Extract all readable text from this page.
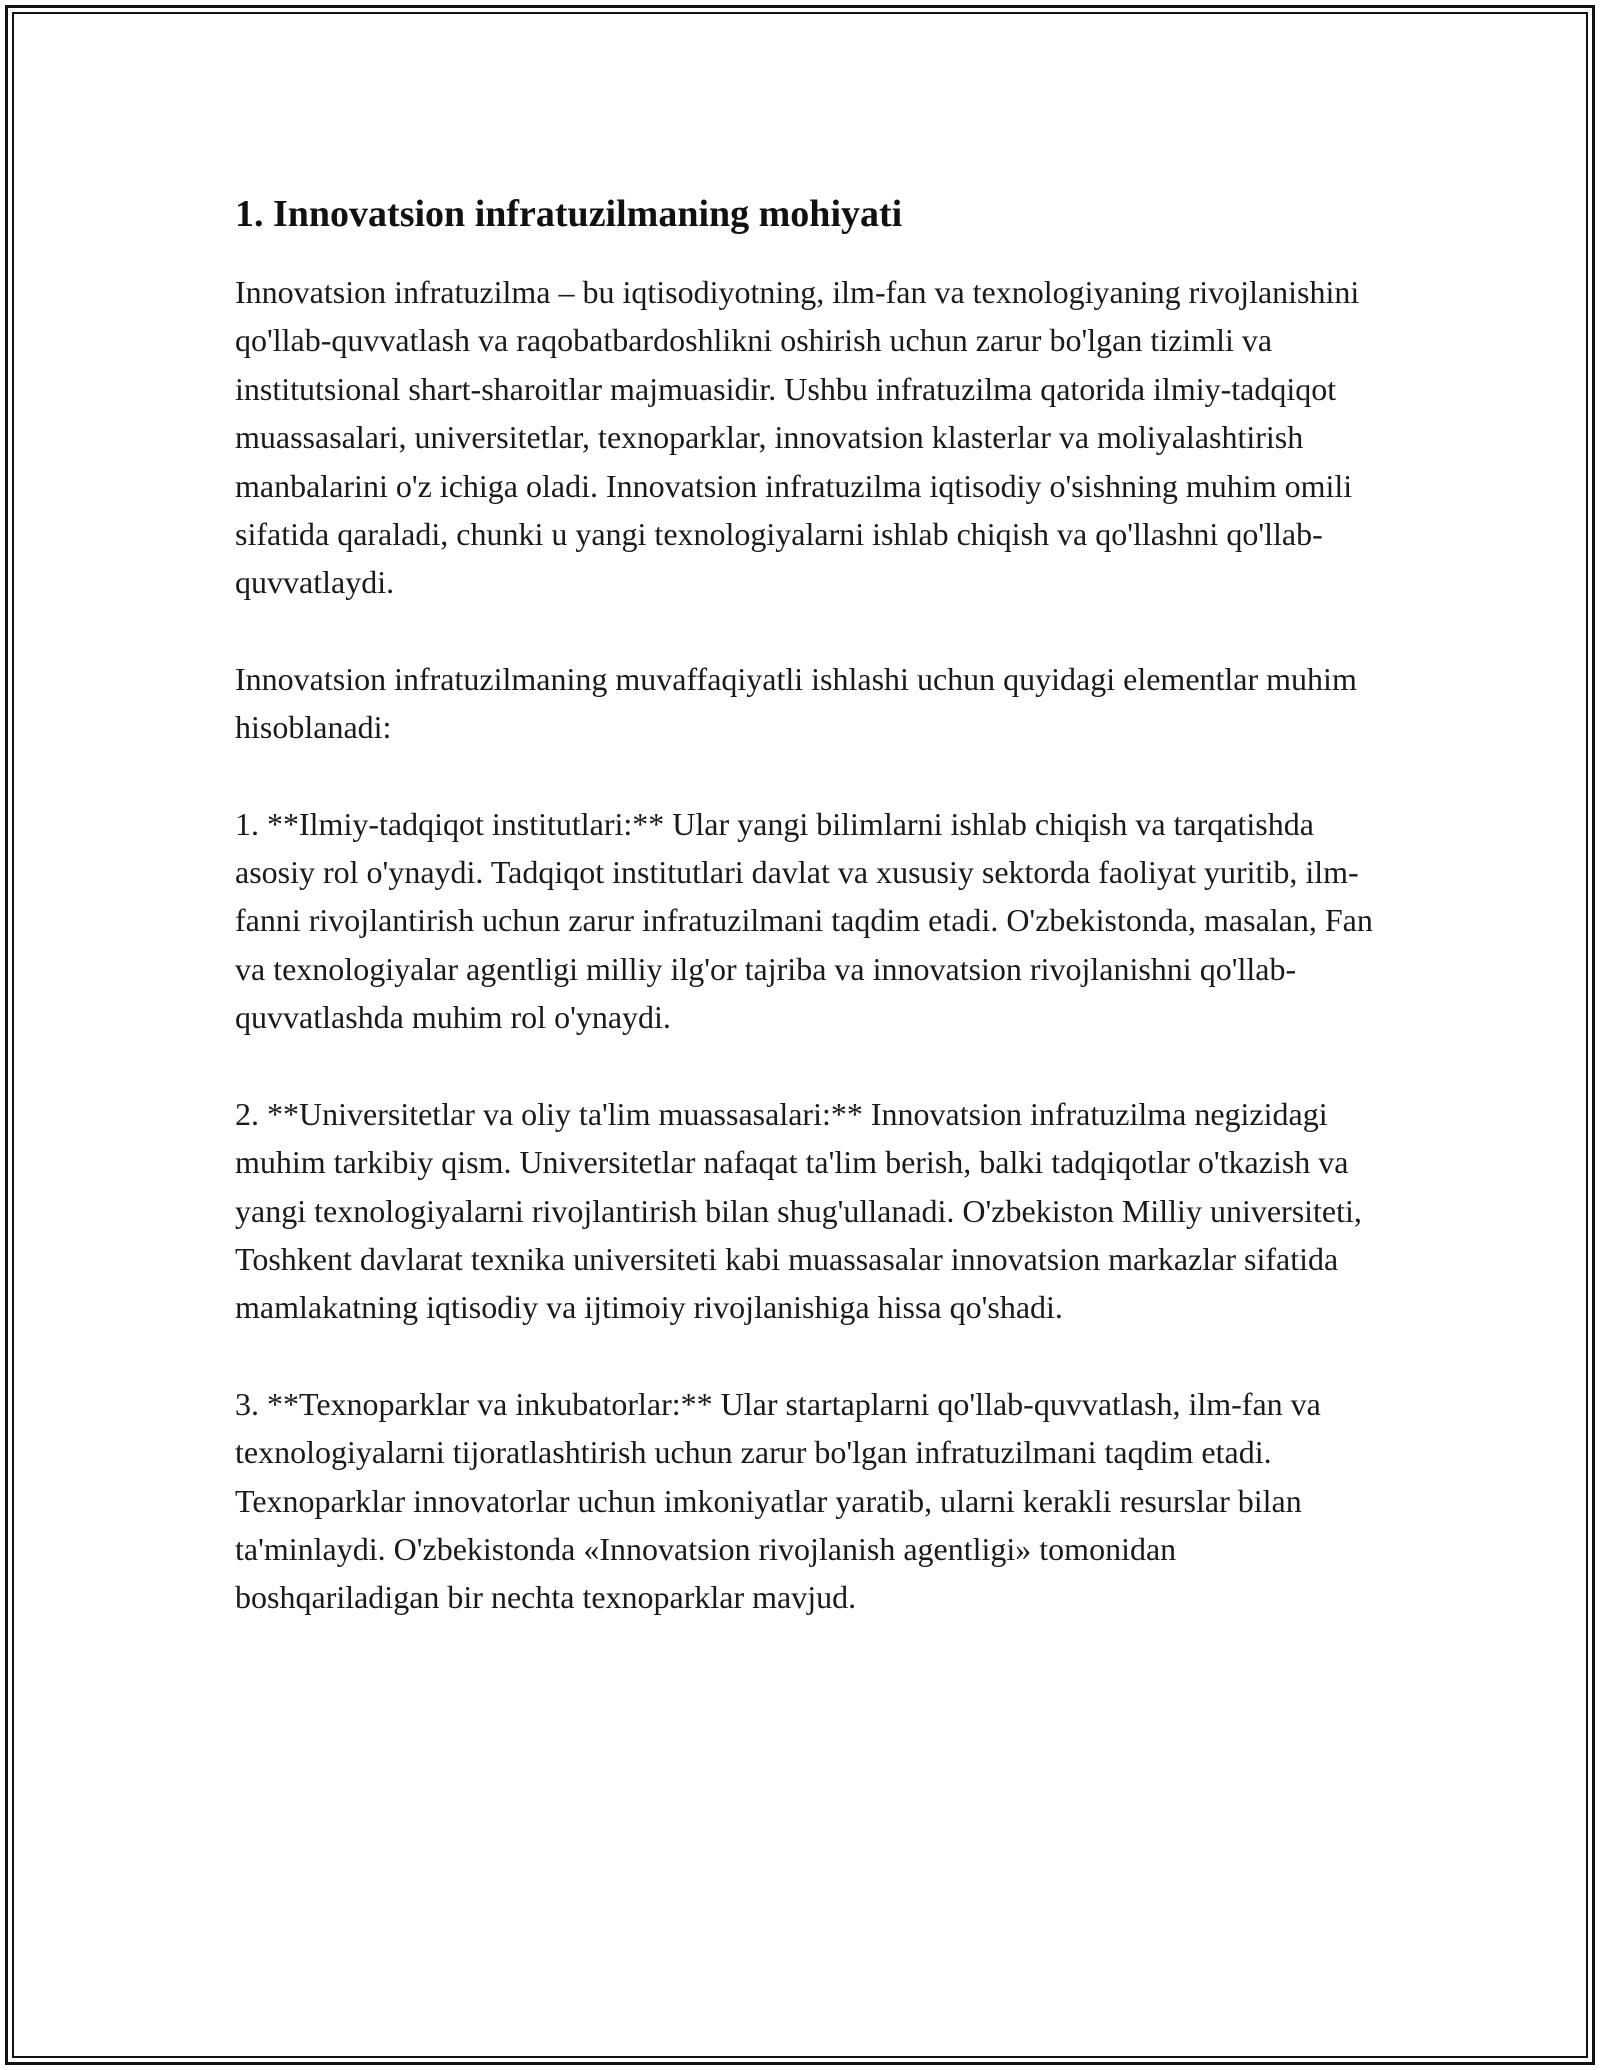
1. Innovatsion infratuzilmaning mohiyati

Innovatsion infratuzilma – bu iqtisodiyotning, ilm-fan va texnologiyaning rivojlanishini qo'llab-quvvatlash va raqobatbardoshlikni oshirish uchun zarur bo'lgan tizimli va institutsional shart-sharoitlar majmuasidir. Ushbu infratuzilma qatorida ilmiy-tadqiqot muassasalari, universitetlar, texnoparklar, innovatsion klasterlar va moliyalashtirish manbalarini o'z ichiga oladi. Innovatsion infratuzilma iqtisodiy o'sishning muhim omili sifatida qaraladi, chunki u yangi texnologiyalarni ishlab chiqish va qo'llashni qo'llab-quvvatlaydi.

Innovatsion infratuzilmaning muvaffaqiyatli ishlashi uchun quyidagi elementlar muhim hisoblanadi:

1. **Ilmiy-tadqiqot institutlari:** Ular yangi bilimlarni ishlab chiqish va tarqatishda asosiy rol o'ynaydi. Tadqiqot institutlari davlat va xususiy sektorda faoliyat yuritib, ilm-fanni rivojlantirish uchun zarur infratuzilmani taqdim etadi. O'zbekistonda, masalan, Fan va texnologiyalar agentligi milliy ilg'or tajriba va innovatsion rivojlanishni qo'llab-quvvatlashda muhim rol o'ynaydi.

2. **Universitetlar va oliy ta'lim muassasalari:** Innovatsion infratuzilma negizidagi muhim tarkibiy qism. Universitetlar nafaqat ta'lim berish, balki tadqiqotlar o'tkazish va yangi texnologiyalarni rivojlantirish bilan shug'ullanadi. O'zbekiston Milliy universiteti, Toshkent davlarat texnika universiteti kabi muassasalar innovatsion markazlar sifatida mamlakatning iqtisodiy va ijtimoiy rivojlanishiga hissa qo'shadi.

3. **Texnoparklar va inkubatorlar:** Ular startaplarni qo'llab-quvvatlash, ilm-fan va texnologiyalarni tijoratlashtirish uchun zarur bo'lgan infratuzilmani taqdim etadi. Texnoparklar innovatorlar uchun imkoniyatlar yaratib, ularni kerakli resurslar bilan ta'minlaydi. O'zbekistonda «Innovatsion rivojlanish agentligi» tomonidan boshqariladigan bir nechta texnoparklar mavjud.
